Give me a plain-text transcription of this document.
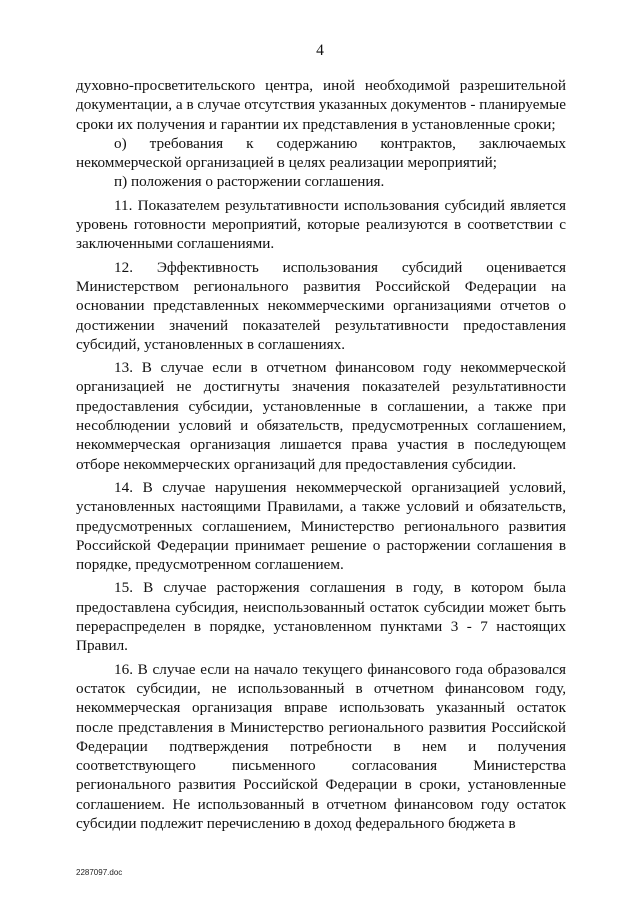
4

духовно-просветительского центра, иной необходимой разрешительной документации, а в случае отсутствия указанных документов - планируемые сроки их получения и гарантии их представления в установленные сроки;

о) требования к содержанию контрактов, заключаемых некоммерческой организацией в целях реализации мероприятий;

п) положения о расторжении соглашения.

11. Показателем результативности использования субсидий является уровень готовности мероприятий, которые реализуются в соответствии с заключенными соглашениями.

12. Эффективность использования субсидий оценивается Министерством регионального развития Российской Федерации на основании представленных некоммерческими организациями отчетов о достижении значений показателей результативности предоставления субсидий, установленных в соглашениях.

13. В случае если в отчетном финансовом году некоммерческой организацией не достигнуты значения показателей результативности предоставления субсидии, установленные в соглашении, а также при несоблюдении условий и обязательств, предусмотренных соглашением, некоммерческая организация лишается права участия в последующем отборе некоммерческих организаций для предоставления субсидии.

14. В случае нарушения некоммерческой организацией условий, установленных настоящими Правилами, а также условий и обязательств, предусмотренных соглашением, Министерство регионального развития Российской Федерации принимает решение о расторжении соглашения в порядке, предусмотренном соглашением.

15. В случае расторжения соглашения в году, в котором была предоставлена субсидия, неиспользованный остаток субсидии может быть перераспределен в порядке, установленном пунктами 3 - 7 настоящих Правил.

16. В случае если на начало текущего финансового года образовался остаток субсидии, не использованный в отчетном финансовом году, некоммерческая организация вправе использовать указанный остаток после представления в Министерство регионального развития Российской Федерации подтверждения потребности в нем и получения соответствующего письменного согласования Министерства регионального развития Российской Федерации в сроки, установленные соглашением. Не использованный в отчетном финансовом году остаток субсидии подлежит перечислению в доход федерального бюджета в

2287097.doc
